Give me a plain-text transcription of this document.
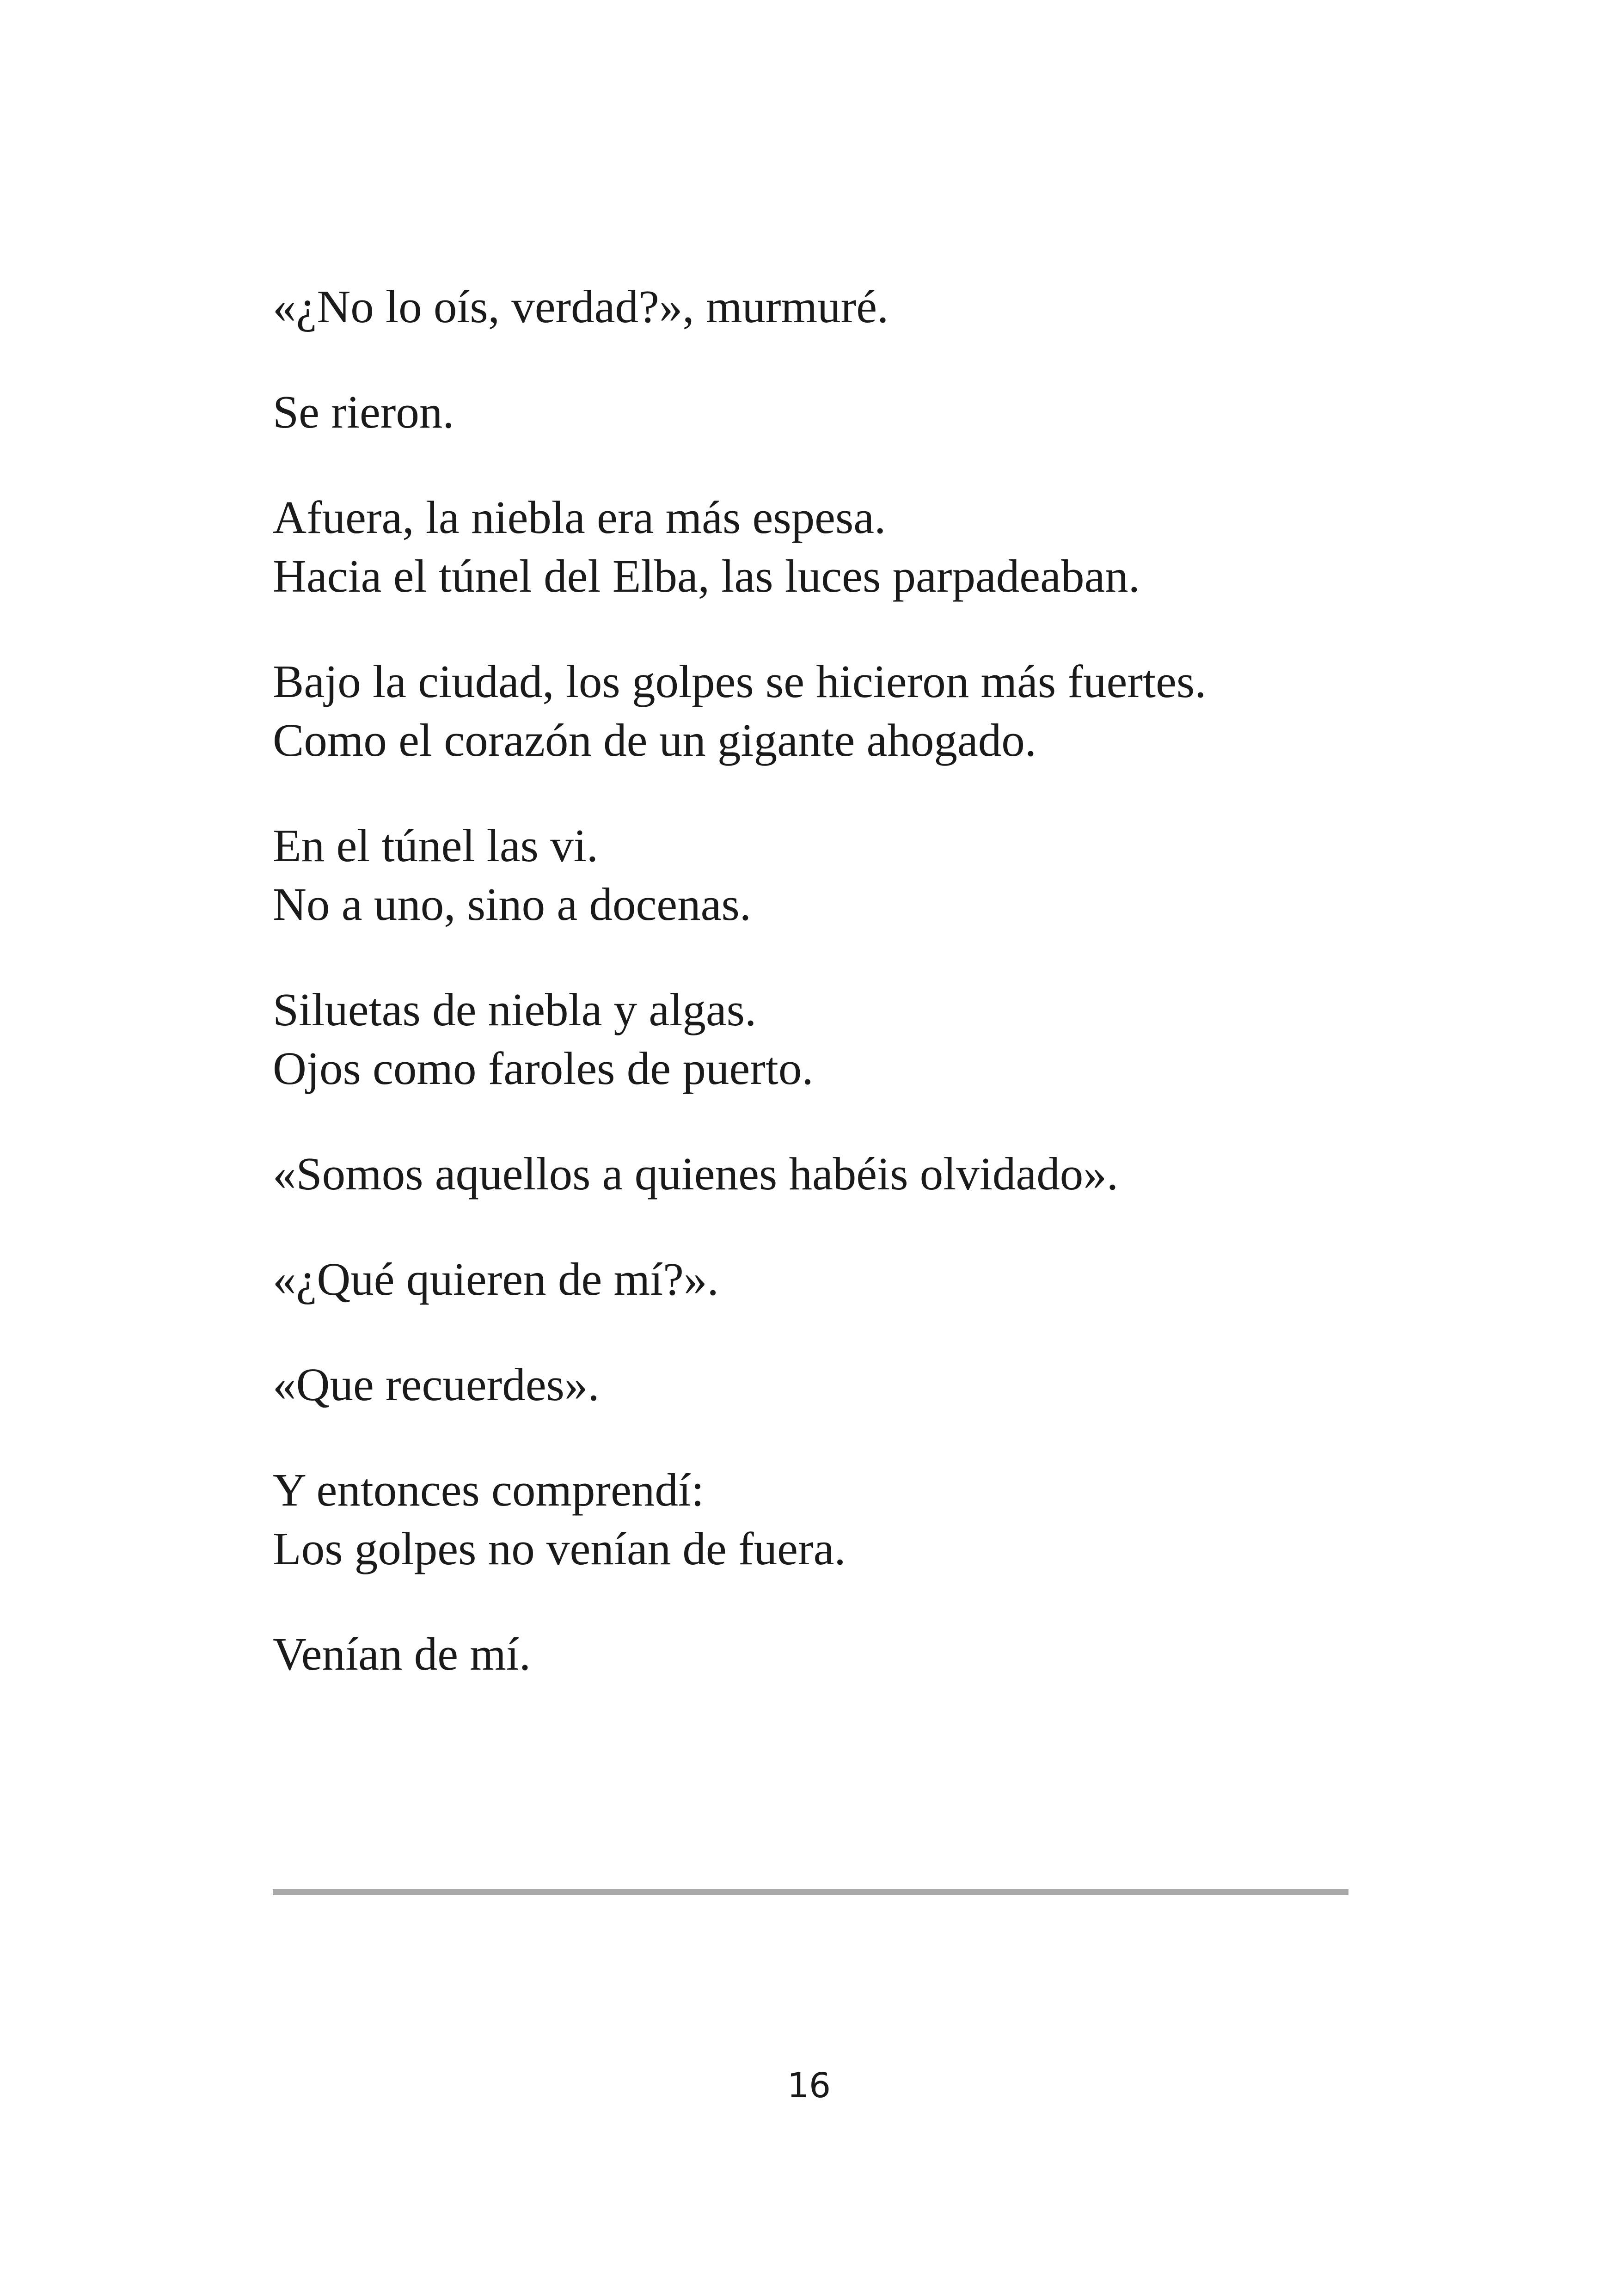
«¿No lo oís, verdad?», murmuré.
Se rieron.
Afuera, la niebla era más espesa.
Hacia el túnel del Elba, las luces parpadeaban.
Bajo la ciudad, los golpes se hicieron más fuertes.
Como el corazón de un gigante ahogado.
En el túnel las vi.
No a uno, sino a docenas.
Siluetas de niebla y algas.
Ojos como faroles de puerto.
«Somos aquellos a quienes habéis olvidado».
«¿Qué quieren de mí?».
«Que recuerdes».
Y entonces comprendí:
Los golpes no venían de fuera.
Venían de mí.
16
